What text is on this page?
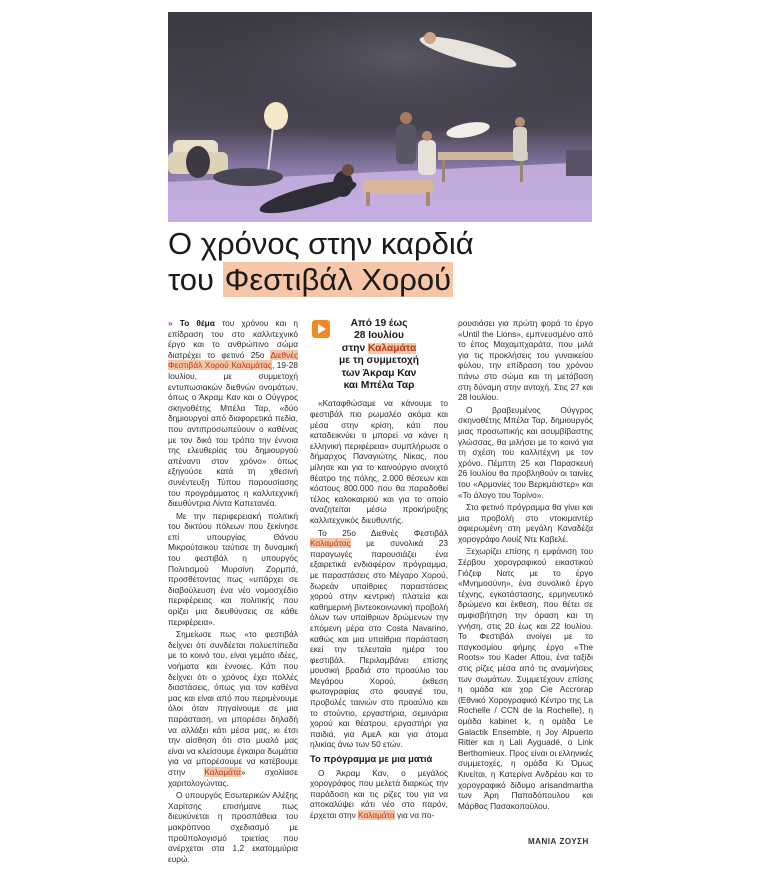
Ο χρόνος στην καρδιά
του Φεστιβάλ Χορού

» Το θέμα του χρόνου και η επίδραση του στο καλλιτεχνικό έργο και το ανθρώπινο σώμα διατρέχει το φετινό 25ο Διεθνές Φεστιβάλ Χορού Καλαμάτας, 19-28 Ιουλίου, με συμμετοχή εντυπωσιακών διεθνών ονομάτων, όπως ο Άκραμ Καν και ο Ούγγρος σκηνοθέτης Μπέλα Ταρ, «δύο δημιουργοί από διαφορετικά πεδία, που αντιπροσωπεύουν ο καθένας με τον δικό του τρόπο την έννοια της ελευθερίας του δημιουργού απέναντι στον χρόνο» όπως εξηγούσε κατά τη χθεσινή συνέντευξη Τύπου παρουσίασης του προγράμματος η καλλιτεχνική διευθύντρια Λίντα Καπετανέα.

Με την περιφερειακή πολιτική του δικτύου πόλεων που ξεκίνησε επί υπουργίας Θάνου Μικρούτσικου ταύτισε τη δυναμική του φεστιβάλ η υπουργός Πολιτισμού Μυρσίνη Ζορμπά, προσθέτοντας πως «υπάρχει σε διαβούλευση ένα νέο νομοσχέδιο περιφέρειας και πολιτικής που ορίζει μια διευθύνσεις σε κάθε περιφέρεια».

Σημείωσε πως «το φεστιβάλ δείχνει ότι συνδέεται πολυεπίπεδα με το κοινό του, είναι γεμάτο ιδέες, νοήματα και έννοιες. Κάτι που δείχνει ότι ο χρόνος έχει πολλές διαστάσεις, όπως για τον καθένα μας και είναι από που περιμένουμε όλοι όταν πηγαίνουμε σε μια παράσταση, να μπορέσει δηλαδή να αλλάξει κάτι μέσα μας, κι έτσι την αίσθηση ότι στο μυαλό μας είναι να κλείσουμε έγκαιρα δωμάτια για να μπορέσουμε να κατέβουμε στην Καλαμάτα» σχολίασε χαριτολογώντας.

Ο υπουργός Εσωτερικών Αλέξης Χαρίτσης επισήμανε πως διευκύνεται η προσπάθεια του μακρόπνοο σχεδιασμό με προϋπολογισμό τριετίας που ανέρχεται στα 1,2 εκατομμύρια ευρώ.

Από 19 έως
28 Ιουλίου
στην Καλαμάτα
με τη συμμετοχή
των Άκραμ Καν
και Μπέλα Ταρ

«Καταφθώσαμε να κάνουμε το φεστιβάλ πιο ρωμαλέο ακόμα και μέσα στην κρίση, κάτι που καταδεικνύει τι μπορεί να κάνει η ελληνική περιφέρεια» συμπλήρωσε ο δήμαρχος Παναγιώτης Νίκας, που μίλησε και για το καινούργιο ανοιχτό θέατρο της πόλης, 2.000 θέσεων και κόστους 800.000 που θα παραδοθεί τέλος καλοκαιριού και για το οποίο αναζητείται μέσω προκήρυξης καλλιτεχνικός διευθυντής.

Το 25ο Διεθνές Φεστιβάλ Καλαμάτας με συνολικά 23 παραγωγές παρουσιάζει ένα εξαιρετικά ενδιαφέρον πρόγραμμα, με παραστάσεις στο Μέγαρο Χορού, δωρεάν υπαίθριες παραστάσεις χορού στην κεντρική πλατεία και καθημερινή βιντεοκοινωνική προβολή όλων των υπαίθριων δρώμενων την επόμενη μέρα στο Costa Navarino, καθώς και μια υπαίθρια παράσταση εκεί την τελευταία ημέρα του φεστιβάλ. Περιλαμβάνει επίσης μουσική βραδιά στο προαύλιο του Μεγάρου Χορού, έκθεση φωτογραφίας στο φουαγιέ του, προβολές ταινιών στο προαύλιο και το στούντιο, εργαστήρια, σεμινάρια χορού και θέατρου, εργαστήρι για παιδιά, για ΑμεΑ και για άτομα ηλικίας άνω των 50 ετών.

Το πρόγραμμα με μια ματιά

Ο Άκραμ Καν, ο μεγάλος χορογράφος που μελετά διαρκώς την παράδοση και τις ρίζες του για να αποκαλύψει κάτι νέο στο παρόν, έρχεται στην Καλαμάτα για να πο-

ρουσιάσει για πρώτη φορά το έργο «Until the Lions», εμπνευσμένο από το έπος Μαχαμπχαράτα, που μιλά για τις προκλήσεις του γυναικείου φύλου, την επίδραση του χρόνου πάνω στο σώμα και τη μετάβαση στη δύναμη στην αντοχή. Στις 27 και 28 Ιουλίου.

Ο βραβευμένος Ούγγρος σκηνοθέτης Μπέλα Ταρ, δημιουργός μιας προσωπικής και ασυμβίβαστης γλώσσας, θα μιλήσει με το κοινό για τη σχέση του καλλιτέχνη με τον χρόνο. Πέμπτη 25 και Παρασκευή 26 Ιουλίου θα προβληθούν οι ταινίες του «Αρμονίες του Βερκμάιστερ» και «Το άλογο του Τορίνο».

Στο φετινό πρόγραμμα θα γίνει και μια προβολή στο ντοκιμαντέρ αφιερωμένη στη μεγάλη Καναδέζα χορογράφο Λουίζ Ντε Καβελέ.

Ξεχωρίζει επίσης η εμφάνιση του Σέρβου χορογραφικού εικαστικού Γιόζεφ Νατς με το έργο «Μνημοσύνη», ένα συνολικό έργο τέχνης, εγκατάστασης, ερμηνευτικό δρώμενο και έκθεση, που θέτει σε αμφισβήτηση την όραση και τη γνήση, στις 20 έως και 22 Ιουλίου. Το Φεστιβάλ ανοίγει με το παγκοσμίου φήμης έργο «The Roots» του Kader Attou, ένα ταξίδι στις ρίζες μέσα από τις αναμνήσεις των σωμάτων. Συμμετέχουν επίσης η ομάδα και χορ Cie Accrorap (Εθνικό Χορογραφικό Κέντρο της La Rochelle / CCN de la Rochelle), η ομάδα kabinet k, η ομάδα Le Galactik Ensemble, η Joy Alpuerto Ritter και η Lali Ayguadé, ο Link Berthomieux. Προς είναι οι ελληνικές συμμετοχές, η ομάδα Κι Όμως Κινείται, η Κατερίνα Ανδρέου και το χορογραφικό δίδυμο arisandmartha των Άρη Παπαδόπουλου και Μάρθας Πασακοπούλου.

ΜΑΝΙΑ ΖΟΥΣΗ
